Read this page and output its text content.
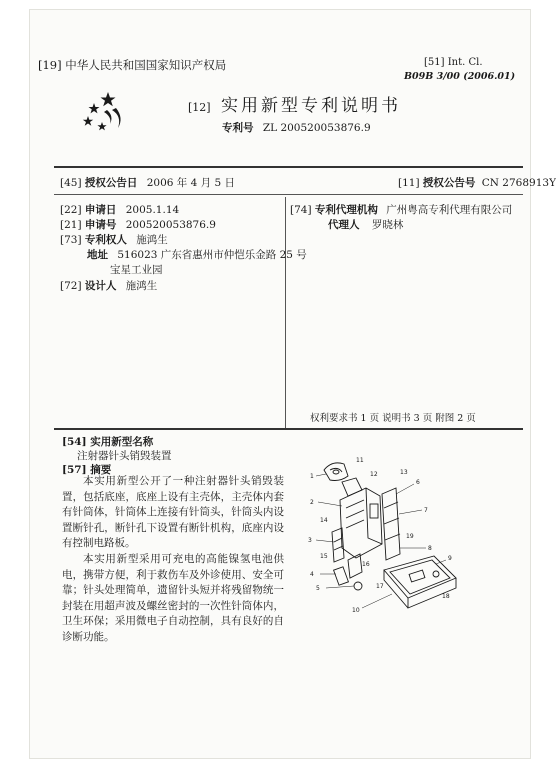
[19] 中华人民共和国国家知识产权局	[51] Int. Cl.
B09B 3/00 (2006.01)
[12] 实用新型专利说明书
专利号 ZL 200520053876.9
[45] 授权公告日 2006 年 4 月 5 日	[11] 授权公告号 CN 2768913Y
[22] 申请日 2005.1.14
[21] 申请号 200520053876.9
[73] 专利权人 施鸿生
地址 516023 广东省惠州市仲恺乐金路 25 号
宝星工业园
[72] 设计人 施鸿生
[74] 专利代理机构 广州粤高专利代理有限公司
代理人 罗晓林
权利要求书 1 页 说明书 3 页 附图 2 页
[54] 实用新型名称
注射器针头销毁装置
[57] 摘要

本实用新型公开了一种注射器针头销毁装置，包括底座，底座上设有主壳体，主壳体内套有针筒体，针筒体上连接有针筒头，针筒头内设置断针孔，断针孔下设置有断针机构，底座内设有控制电路板。

本实用新型采用可充电的高能镍氢电池供电，携带方便，利于救伤车及外诊使用、安全可靠；针头处理简单，遗留针头短并将残留物统一封装在用超声波及螺丝密封的一次性针筒体内，卫生环保；采用微电子自动控制，具有良好的自诊断功能。

1
2
3
4
5
6
7
8
9
10
11
12	13
14
15
16
17
18
19
